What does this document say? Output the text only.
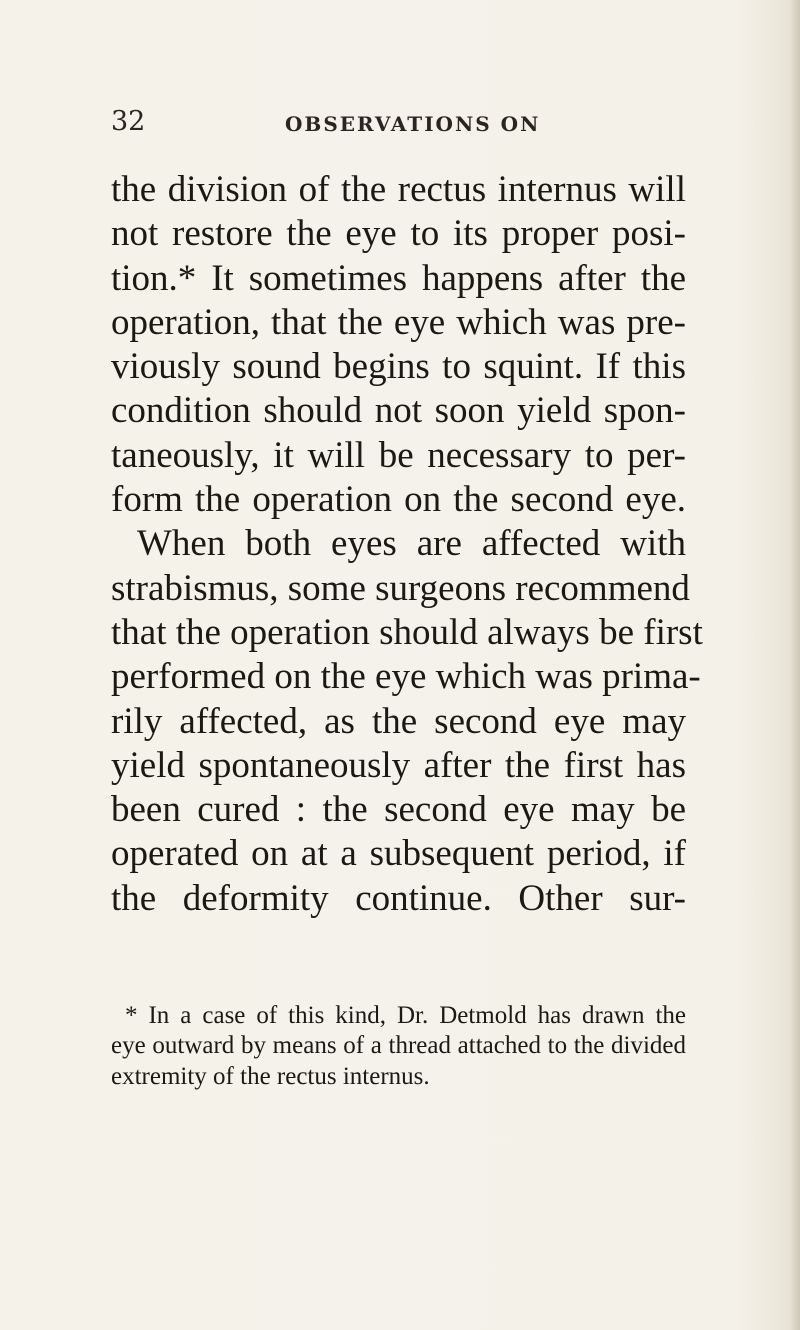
32	OBSERVATIONS ON
the division of the rectus internus will
not restore the eye to its proper posi-
tion.* It sometimes happens after the
operation, that the eye which was pre-
viously sound begins to squint. If this
condition should not soon yield spon-
taneously, it will be necessary to per-
form the operation on the second eye.
When both eyes are affected with
strabismus, some surgeons recommend
that the operation should always be first
performed on the eye which was prima-
rily affected, as the second eye may
yield spontaneously after the first has
been cured : the second eye may be
operated on at a subsequent period, if
the deformity continue. Other sur-
* In a case of this kind, Dr. Detmold has drawn the
eye outward by means of a thread attached to the divided
extremity of the rectus internus.
